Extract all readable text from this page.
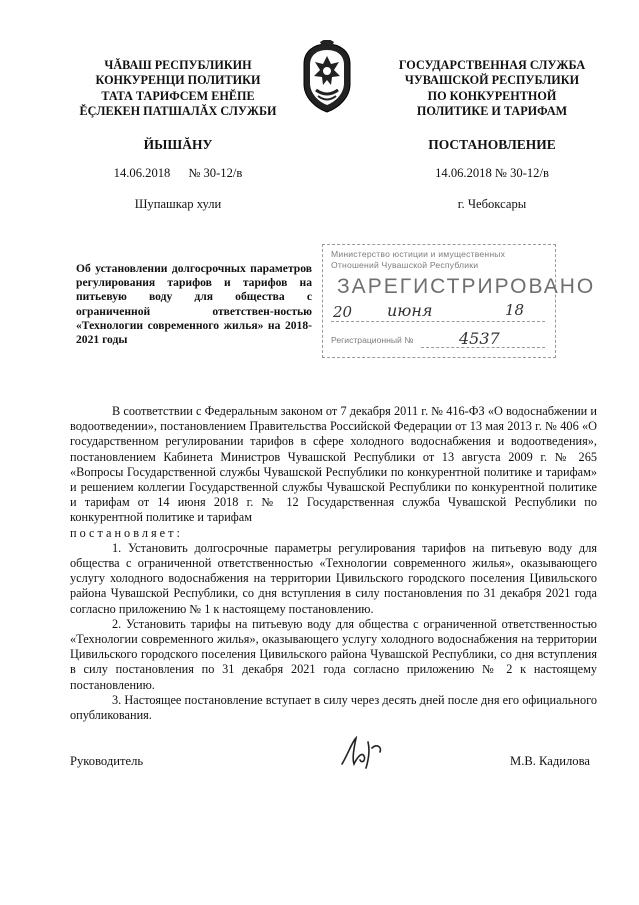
ЧĂВАШ РЕСПУБЛИКИН
КОНКУРЕНЦИ ПОЛИТИКИ
ТАТА ТАРИФСЕМ ЕНĔПЕ
ĔÇЛЕКЕН ПАТШАЛĂХ СЛУЖБИ
ГОСУДАРСТВЕННАЯ СЛУЖБА
ЧУВАШСКОЙ РЕСПУБЛИКИ
ПО КОНКУРЕНТНОЙ
ПОЛИТИКЕ И ТАРИФАМ
ЙЫШĂНУ	ПОСТАНОВЛЕНИЕ
14.06.2018 № 30-12/в	14.06.2018 № 30-12/в
Шупашкар хули	г. Чебоксары
Об установлении долгосрочных параметров регулирования тарифов и тарифов на питьевую воду для общества с ограниченной ответствен-ностью «Технологии современного жилья» на 2018-2021 годы
Министерство юстиции и имущественных
Отношений Чувашской Республики
ЗАРЕГИСТРИРОВАНО
20 июня	18
Регистрационный №	4537

В соответствии с Федеральным законом от 7 декабря 2011 г. № 416-ФЗ «О водоснабжении и водоотведении», постановлением Правительства Российской Федерации от 13 мая 2013 г. № 406 «О государственном регулировании тарифов в сфере холодного водоснабжения и водоотведения», постановлением Кабинета Министров Чувашской Республики от 13 августа 2009 г. № 265 «Вопросы Государственной службы Чувашской Республики по конкурентной политике и тарифам» и решением коллегии Государственной службы Чувашской Республики по конкурентной политике и тарифам от 14 июня 2018 г. № 12 Государственная служба Чувашской Республики по конкурентной политике и тарифам

постановляет:

1. Установить долгосрочные параметры регулирования тарифов на питьевую воду для общества с ограниченной ответственностью «Технологии современного жилья», оказывающего услугу холодного водоснабжения на территории Цивильского городского поселения Цивильского района Чувашской Республики, со дня вступления в силу постановления по 31 декабря 2021 года согласно приложению № 1 к настоящему постановлению.

2. Установить тарифы на питьевую воду для общества с ограниченной ответственностью «Технологии современного жилья», оказывающего услугу холодного водоснабжения на территории Цивильского городского поселения Цивильского района Чувашской Республики, со дня вступления в силу постановления по 31 декабря 2021 года согласно приложению № 2 к настоящему постановлению.

3. Настоящее постановление вступает в силу через десять дней после дня его официального опубликования.

Руководитель	М.В. Кадилова
